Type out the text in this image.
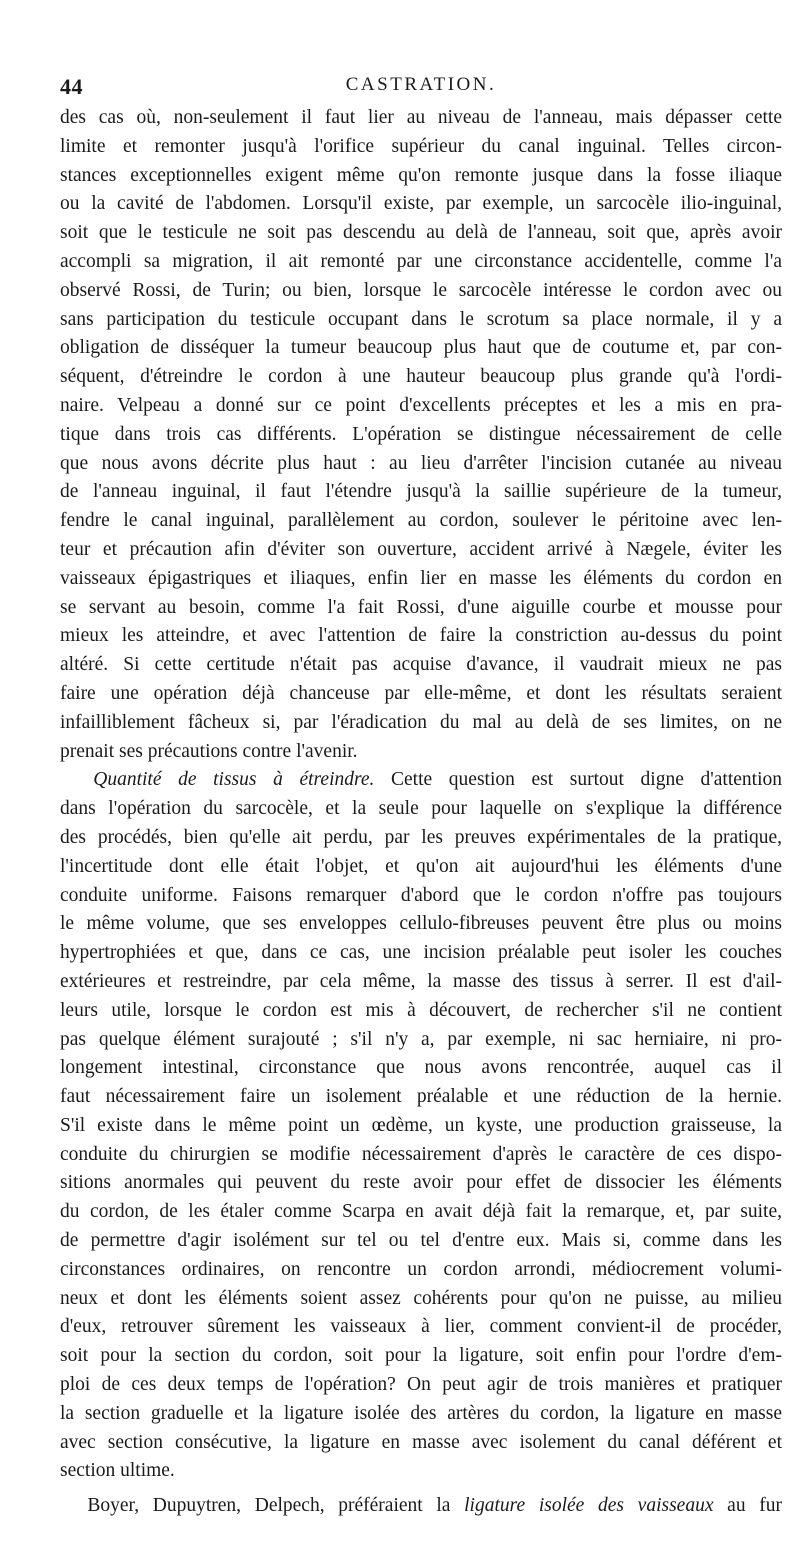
44	CASTRATION.
des cas où, non-seulement il faut lier au niveau de l'anneau, mais dépasser cette
limite et remonter jusqu'à l'orifice supérieur du canal inguinal. Telles circon-
stances exceptionnelles exigent même qu'on remonte jusque dans la fosse iliaque
ou la cavité de l'abdomen. Lorsqu'il existe, par exemple, un sarcocèle ilio-inguinal,
soit que le testicule ne soit pas descendu au delà de l'anneau, soit que, après avoir
accompli sa migration, il ait remonté par une circonstance accidentelle, comme l'a
observé Rossi, de Turin; ou bien, lorsque le sarcocèle intéresse le cordon avec ou
sans participation du testicule occupant dans le scrotum sa place normale, il y a
obligation de disséquer la tumeur beaucoup plus haut que de coutume et, par con-
séquent, d'étreindre le cordon à une hauteur beaucoup plus grande qu'à l'ordi-
naire. Velpeau a donné sur ce point d'excellents préceptes et les a mis en pra-
tique dans trois cas différents. L'opération se distingue nécessairement de celle
que nous avons décrite plus haut : au lieu d'arrêter l'incision cutanée au niveau
de l'anneau inguinal, il faut l'étendre jusqu'à la saillie supérieure de la tumeur,
fendre le canal inguinal, parallèlement au cordon, soulever le péritoine avec len-
teur et précaution afin d'éviter son ouverture, accident arrivé à Nægele, éviter les
vaisseaux épigastriques et iliaques, enfin lier en masse les éléments du cordon en
se servant au besoin, comme l'a fait Rossi, d'une aiguille courbe et mousse pour
mieux les atteindre, et avec l'attention de faire la constriction au-dessus du point
altéré. Si cette certitude n'était pas acquise d'avance, il vaudrait mieux ne pas
faire une opération déjà chanceuse par elle-même, et dont les résultats seraient
infailliblement fâcheux si, par l'éradication du mal au delà de ses limites, on ne
prenait ses précautions contre l'avenir.
Quantité de tissus à étreindre. Cette question est surtout digne d'attention
dans l'opération du sarcocèle, et la seule pour laquelle on s'explique la différence
des procédés, bien qu'elle ait perdu, par les preuves expérimentales de la pratique,
l'incertitude dont elle était l'objet, et qu'on ait aujourd'hui les éléments d'une
conduite uniforme. Faisons remarquer d'abord que le cordon n'offre pas toujours
le même volume, que ses enveloppes cellulo-fibreuses peuvent être plus ou moins
hypertrophiées et que, dans ce cas, une incision préalable peut isoler les couches
extérieures et restreindre, par cela même, la masse des tissus à serrer. Il est d'ail-
leurs utile, lorsque le cordon est mis à découvert, de rechercher s'il ne contient
pas quelque élément surajouté ; s'il n'y a, par exemple, ni sac herniaire, ni pro-
longement intestinal, circonstance que nous avons rencontrée, auquel cas il
faut nécessairement faire un isolement préalable et une réduction de la hernie.
S'il existe dans le même point un œdème, un kyste, une production graisseuse, la
conduite du chirurgien se modifie nécessairement d'après le caractère de ces dispo-
sitions anormales qui peuvent du reste avoir pour effet de dissocier les éléments
du cordon, de les étaler comme Scarpa en avait déjà fait la remarque, et, par suite,
de permettre d'agir isolément sur tel ou tel d'entre eux. Mais si, comme dans les
circonstances ordinaires, on rencontre un cordon arrondi, médiocrement volumi-
neux et dont les éléments soient assez cohérents pour qu'on ne puisse, au milieu
d'eux, retrouver sûrement les vaisseaux à lier, comment convient-il de procéder,
soit pour la section du cordon, soit pour la ligature, soit enfin pour l'ordre d'em-
ploi de ces deux temps de l'opération? On peut agir de trois manières et pratiquer
la section graduelle et la ligature isolée des artères du cordon, la ligature en masse
avec section consécutive, la ligature en masse avec isolement du canal déférent et
section ultime.
Boyer, Dupuytren, Delpech, préféraient la ligature isolée des vaisseaux au fur
